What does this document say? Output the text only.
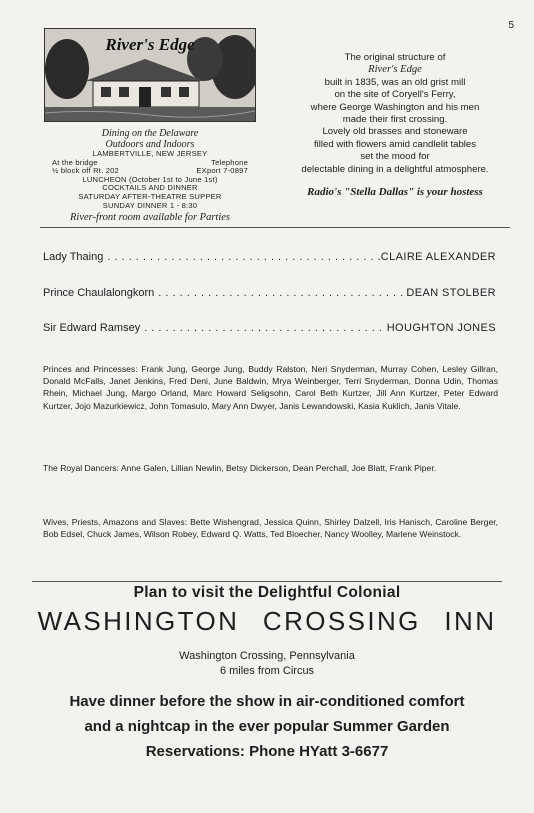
5
River's Edge
Dining on the Delaware
Outdoors and Indoors
LAMBERTVILLE, NEW JERSEY
At the bridge	Telephone
½ block off Rt. 202	EXport 7-0897
LUNCHEON (October 1st to June 1st)
COCKTAILS AND DINNER
SATURDAY AFTER-THEATRE SUPPER
SUNDAY DINNER 1 - 8:30
River-front room available for Parties
The original structure of
River's Edge
built in 1835, was an old grist mill
on the site of Coryell's Ferry,
where George Washington and his men
made their first crossing.
Lovely old brasses and stoneware
filled with flowers amid candlelit tables
set the mood for
delectable dining in a delightful atmosphere.
Radio's "Stella Dallas" is your hostess
Lady Thaing . . .	CLAIRE ALEXANDER
Prince Chaulalongkorn . . .	DEAN STOLBER
Sir Edward Ramsey . . .	HOUGHTON JONES
Princes and Princesses: Frank Jung, George Jung, Buddy Ralston, Neri Snyderman, Murray Cohen, Lesley Gillran, Donald McFalls, Janet Jenkins, Fred Deni, June Baldwin, Mrya Weinberger, Terri Snyderman, Donna Udin, Thomas Rhein, Michael Jung, Margo Orland, Marc Howard Seligsohn, Carol Beth Kurtzer, Jill Ann Kurtzer, Peter Edward Kurtzer, Jojo Mazurkiewicz, John Tomasulo, Mary Ann Dwyer, Janis Lewandowski, Kasia Kuklich, Janis Vitale.
The Royal Dancers: Anne Galen, Lillian Newlin, Betsy Dickerson, Dean Perchall, Joe Blatt, Frank Piper.
Wives, Priests, Amazons and Slaves: Bette Wishengrad, Jessica Quinn, Shirley Dalzell, Iris Hanisch, Caroline Berger, Bob Edsel, Chuck James, Wilson Robey, Edward Q. Watts, Ted Bloecher, Nancy Woolley, Marlene Weinstock.
Plan to visit the Delightful Colonial
WASHINGTON CROSSING INN
Washington Crossing, Pennsylvania
6 miles from Circus
Have dinner before the show in air-conditioned comfort
and a nightcap in the ever popular Summer Garden
Reservations: Phone HYatt 3-6677
